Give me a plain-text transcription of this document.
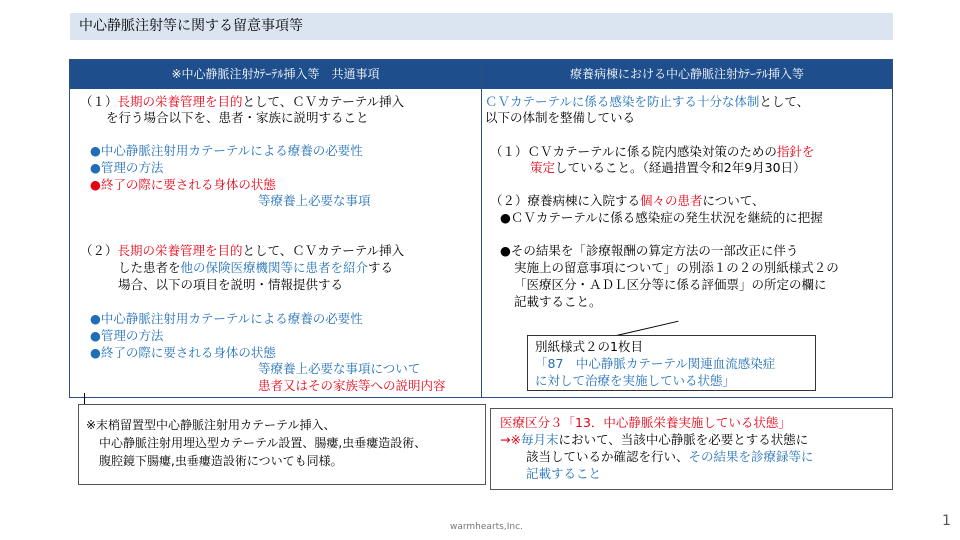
中心静脈注射等に関する留意事項等
※中心静脈注射ｶﾃｰﾃﾙ挿入等　共通事項	療養病棟における中心静脈注射ｶﾃｰﾃﾙ挿入等
（１）長期の栄養管理を目的として、ＣＶカテーテル挿入
を行う場合以下を、患者・家族に説明すること
●中心静脈注射用カテーテルによる療養の必要性
●管理の方法
●終了の際に要される身体の状態
等療養上必要な事項
（２）長期の栄養管理を目的として、ＣＶカテーテル挿入
した患者を他の保険医療機関等に患者を紹介する
場合、以下の項目を説明・情報提供する
●中心静脈注射用カテーテルによる療養の必要性
●管理の方法
●終了の際に要される身体の状態
等療養上必要な事項について
患者又はその家族等への説明内容
ＣＶカテーテルに係る感染を防止する十分な体制として、
以下の体制を整備している
（１）ＣＶカテーテルに係る院内感染対策のための指針を
策定していること。（経過措置令和2年9月30日）
（２）療養病棟に入院する個々の患者について、
●ＣＶカテーテルに係る感染症の発生状況を継続的に把握
●その結果を「診療報酬の算定方法の一部改正に伴う
実施上の留意事項について」の別添１の２の別紙様式２の
「医療区分・ＡＤＬ区分等に係る評価票」の所定の欄に
記載すること。
別紙様式２の1枚目
「87　中心静脈カテーテル関連血流感染症
に対して治療を実施している状態」
※末梢留置型中心静脈注射用カテーテル挿入、
中心静脈注射用埋込型カテーテル設置、腸瘻,虫垂瘻造設術、
腹腔鏡下腸瘻,虫垂瘻造設術についても同様。
医療区分３「13．中心静脈栄養実施している状態」
→※毎月末において、当該中心静脈を必要とする状態に
該当しているか確認を行い、その結果を診療録等に
記載すること
warmhearts,Inc.	1
